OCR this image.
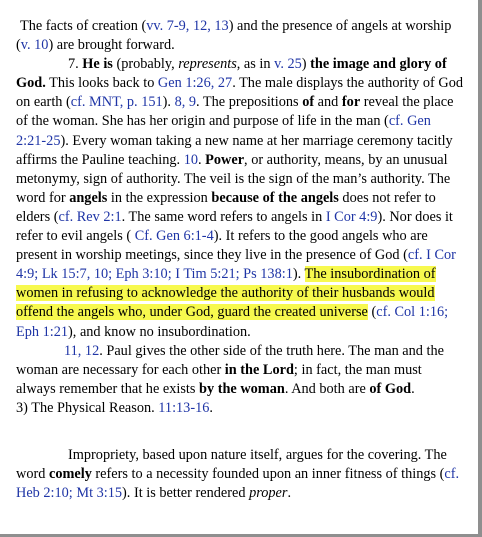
The facts of creation (vv. 7-9, 12, 13) and the presence of angels at worship (v. 10) are brought forward.

7. He is (probably, represents, as in v. 25) the image and glory of God. This looks back to Gen 1:26, 27. The male displays the authority of God on earth (cf. MNT, p. 151). 8, 9. The prepositions of and for reveal the place of the woman. She has her origin and purpose of life in the man (cf. Gen 2:21-25). Every woman taking a new name at her marriage ceremony tacitly affirms the Pauline teaching. 10. Power, or authority, means, by an unusual metonymy, sign of authority. The veil is the sign of the man’s authority. The word for angels in the expression because of the angels does not refer to elders (cf. Rev 2:1. The same word refers to angels in I Cor 4:9). Nor does it refer to evil angels ( Cf. Gen 6:1-4). It refers to the good angels who are present in worship meetings, since they live in the presence of God (cf. I Cor 4:9; Lk 15:7, 10; Eph 3:10; I Tim 5:21; Ps 138:1). The insubordination of women in refusing to acknowledge the authority of their husbands would offend the angels who, under God, guard the created universe (cf. Col 1:16; Eph 1:21), and know no insubordination.

11, 12. Paul gives the other side of the truth here. The man and the woman are necessary for each other in the Lord; in fact, the man must always remember that he exists by the woman. And both are of God.

3) The Physical Reason. 11:13-16.

Impropriety, based upon nature itself, argues for the covering. The word comely refers to a necessity founded upon an inner fitness of things (cf. Heb 2:10; Mt 3:15). It is better rendered proper.
